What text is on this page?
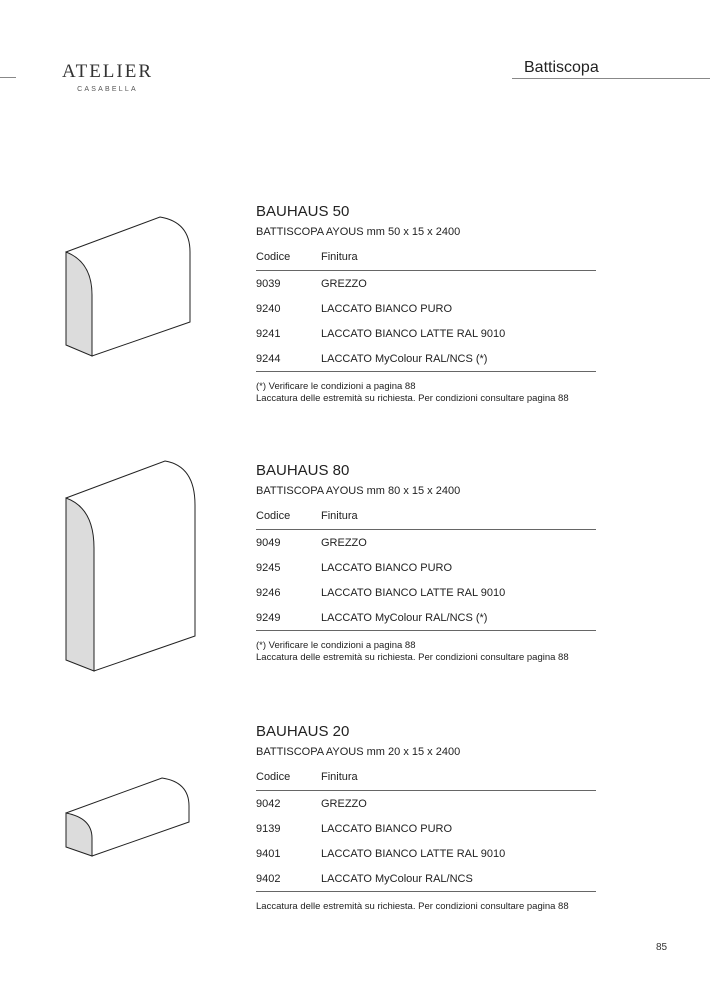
ATELIER
CASABELLA
Battiscopa
BAUHAUS 50
BATTISCOPA AYOUS mm 50 x 15 x 2400
Codice	Finitura
9039	GREZZO
9240	LACCATO BIANCO PURO
9241	LACCATO BIANCO LATTE RAL 9010
9244	LACCATO MyColour RAL/NCS (*)
(*) Verificare le condizioni a pagina 88
Laccatura delle estremità su richiesta. Per condizioni consultare pagina 88
BAUHAUS 80
BATTISCOPA AYOUS mm 80 x 15 x 2400
Codice	Finitura
9049	GREZZO
9245	LACCATO BIANCO PURO
9246	LACCATO BIANCO LATTE RAL 9010
9249	LACCATO MyColour RAL/NCS (*)
(*) Verificare le condizioni a pagina 88
Laccatura delle estremità su richiesta. Per condizioni consultare pagina 88
BAUHAUS 20
BATTISCOPA AYOUS mm 20 x 15 x 2400
Codice	Finitura
9042	GREZZO
9139	LACCATO BIANCO PURO
9401	LACCATO BIANCO LATTE RAL 9010
9402	LACCATO MyColour RAL/NCS
Laccatura delle estremità su richiesta. Per condizioni consultare pagina 88
85
